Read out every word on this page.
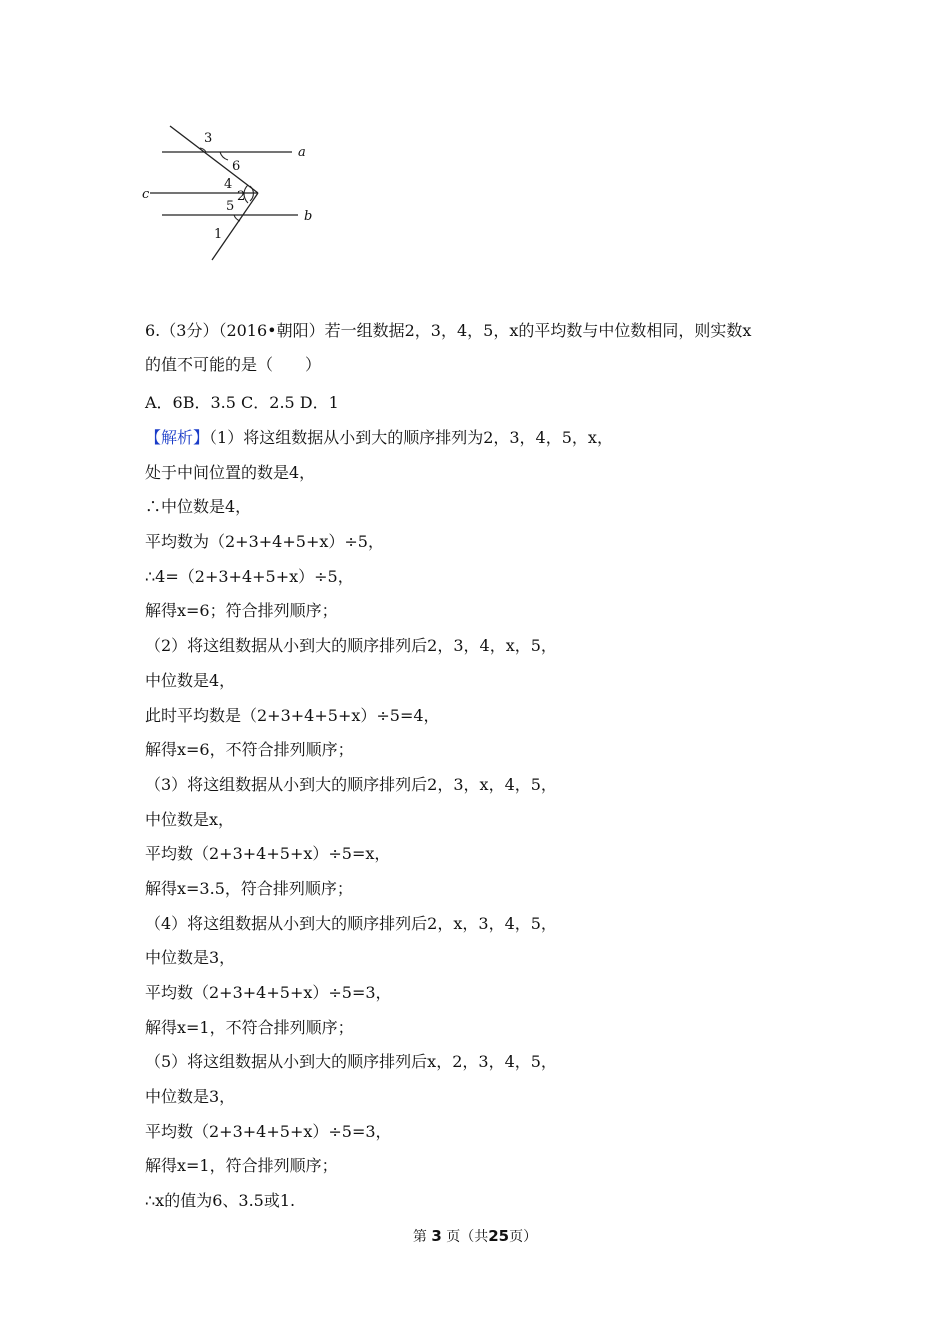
3
6
4
2
5
1
a
c
b
6.（3分）（2016•朝阳）若一组数据2，3，4，5，x的平均数与中位数相同，则实数x
的值不可能的是（　　）
A．6B．3.5 C．2.5 D．1
【解析】（1）将这组数据从小到大的顺序排列为2，3，4，5，x，
处于中间位置的数是4，
∴中位数是4，
平均数为（2+3+4+5+x）÷5，
∴4=（2+3+4+5+x）÷5，
解得x=6；符合排列顺序；
（2）将这组数据从小到大的顺序排列后2，3，4，x，5，
中位数是4，
此时平均数是（2+3+4+5+x）÷5=4，
解得x=6，不符合排列顺序；
（3）将这组数据从小到大的顺序排列后2，3，x，4，5，
中位数是x，
平均数（2+3+4+5+x）÷5=x，
解得x=3.5，符合排列顺序；
（4）将这组数据从小到大的顺序排列后2，x，3，4，5，
中位数是3，
平均数（2+3+4+5+x）÷5=3，
解得x=1，不符合排列顺序；
（5）将这组数据从小到大的顺序排列后x，2，3，4，5，
中位数是3，
平均数（2+3+4+5+x）÷5=3，
解得x=1，符合排列顺序；
∴x的值为6、3.5或1.
第 3 页（共25页）
